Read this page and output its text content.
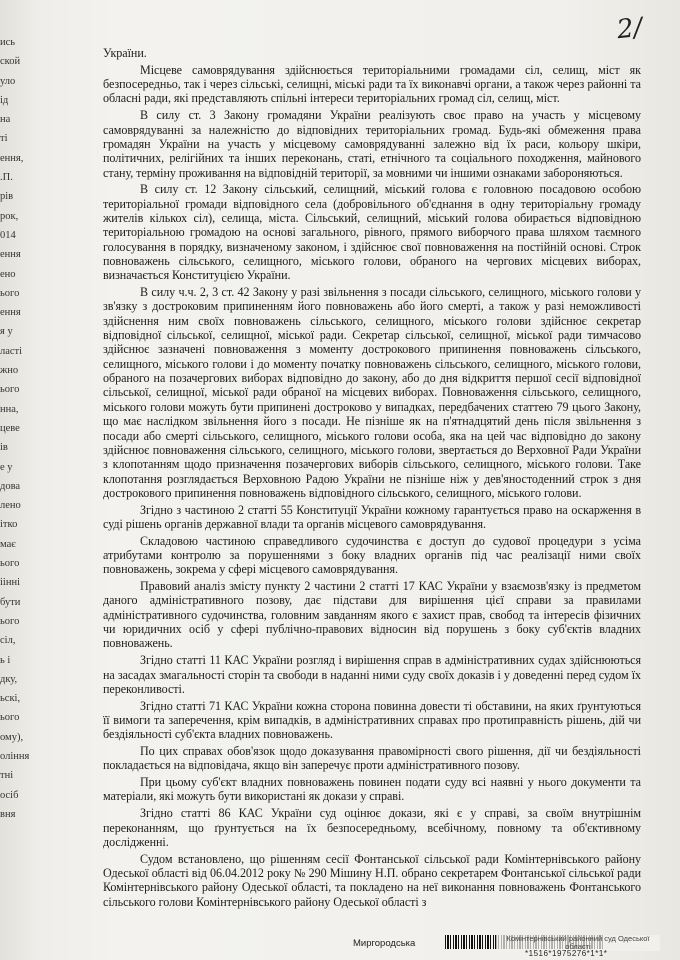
ись
ской
уло
ід
на
ті
ення,
.П.
рів
рок,
014
ення
ено
ього
ення
я у
ласті
жно
ього
нна,
цеве
ів
е у
дова
лено
ітко
має
ього
іінні
бути
ього
сіл,
ь і
дку,
ьскі,
ього
ому),
оління
тні
осіб
вня
2/

України.

Місцеве самоврядування здійснюється територіальними громадами сіл, селищ, міст як безпосередньо, так і через сільські, селищні, міські ради та їх виконавчі органи, а також через районні та обласні ради, які представляють спільні інтереси територіальних громад сіл, селищ, міст.

В силу ст. 3 Закону громадяни України реалізують своє право на участь у місцевому самоврядуванні за належністю до відповідних територіальних громад. Будь-які обмеження права громадян України на участь у місцевому самоврядуванні залежно від їх раси, кольору шкіри, політичних, релігійних та інших переконань, статі, етнічного та соціального походження, майнового стану, терміну проживання на відповідній території, за мовними чи іншими ознаками забороняються.

В силу ст. 12 Закону сільський, селищний, міський голова є головною посадовою особою територіальної громади відповідного села (добровільного об'єднання в одну територіальну громаду жителів кількох сіл), селища, міста. Сільський, селищний, міський голова обирається відповідною територіальною громадою на основі загального, рівного, прямого виборчого права шляхом таємного голосування в порядку, визначеному законом, і здійснює свої повноваження на постійній основі. Строк повноважень сільського, селищного, міського голови, обраного на чергових місцевих виборах, визначається Конституцією України.

В силу ч.ч. 2, 3 ст. 42 Закону у разі звільнення з посади сільського, селищного, міського голови у зв'язку з достроковим припиненням його повноважень або його смерті, а також у разі неможливості здійснення ним своїх повноважень сільського, селищного, міського голови здійснює секретар відповідної сільської, селищної, міської ради. Секретар сільської, селищної, міської ради тимчасово здійснює зазначені повноваження з моменту дострокового припинення повноважень сільського, селищного, міського голови і до моменту початку повноважень сільського, селищного, міського голови, обраного на позачергових виборах відповідно до закону, або до дня відкриття першої сесії відповідної сільської, селищної, міської ради обраної на місцевих виборах. Повноваження сільського, селищного, міського голови можуть бути припинені достроково у випадках, передбачених статтею 79 цього Закону, що має наслідком звільнення його з посади. Не пізніше як на п'ятнадцятий день після звільнення з посади або смерті сільського, селищного, міського голови особа, яка на цей час відповідно до закону здійснює повноваження сільського, селищного, міського голови, звертається до Верховної Ради України з клопотанням щодо призначення позачергових виборів сільського, селищного, міського голови. Таке клопотання розглядається Верховною Радою України не пізніше ніж у дев'яностоденний строк з дня дострокового припинення повноважень відповідного сільського, селищного, міського голови.

Згідно з частиною 2 статті 55 Конституції України кожному гарантується право на оскарження в суді рішень органів державної влади та органів місцевого самоврядування.

Складовою частиною справедливого судочинства є доступ до судової процедури з усіма атрибутами контролю за порушеннями з боку владних органів під час реалізації ними своїх повноважень, зокрема у сфері місцевого самоврядування.

Правовий аналіз змісту пункту 2 частини 2 статті 17 КАС України у взаємозв'язку із предметом даного адміністративного позову, дає підстави для вирішення цієї справи за правилами адміністративного судочинства, головним завданням якого є захист прав, свобод та інтересів фізичних чи юридичних осіб у сфері публічно-правових відносин від порушень з боку суб'єктів владних повноважень.

Згідно статті 11 КАС України розгляд і вирішення справ в адміністративних судах здійснюються на засадах змагальності сторін та свободи в наданні ними суду своїх доказів і у доведенні перед судом їх переконливості.

Згідно статті 71 КАС України кожна сторона повинна довести ті обставини, на яких ґрунтуються її вимоги та заперечення, крім випадків, в адміністративних справах про протиправність рішень, дій чи бездіяльності суб'єкта владних повноважень.

По цих справах обов'язок щодо доказування правомірності свого рішення, дії чи бездіяльності покладається на відповідача, якщо він заперечує проти адміністративного позову.

При цьому суб'єкт владних повноважень повинен подати суду всі наявні у нього документи та матеріали, які можуть бути використані як докази у справі.

Згідно статті 86 КАС України суд оцінює докази, які є у справі, за своїм внутрішнім переконанням, що ґрунтується на їх безпосередньому, всебічному, повному та об'єктивному дослідженні.

Судом встановлено, що рішенням сесії Фонтанської сільської ради Комінтернівського району Одеської області від 06.04.2012 року № 290 Мішину Н.П. обрано секретарем Фонтанської сільської ради Комінтернівського району Одеської області, та покладено на неї виконання повноважень Фонтанського сільського голови Комінтернівського району Одеської області з

Миргородська	Комінтернівський районний суд Одеської області
*1516*1975276*1*1*
